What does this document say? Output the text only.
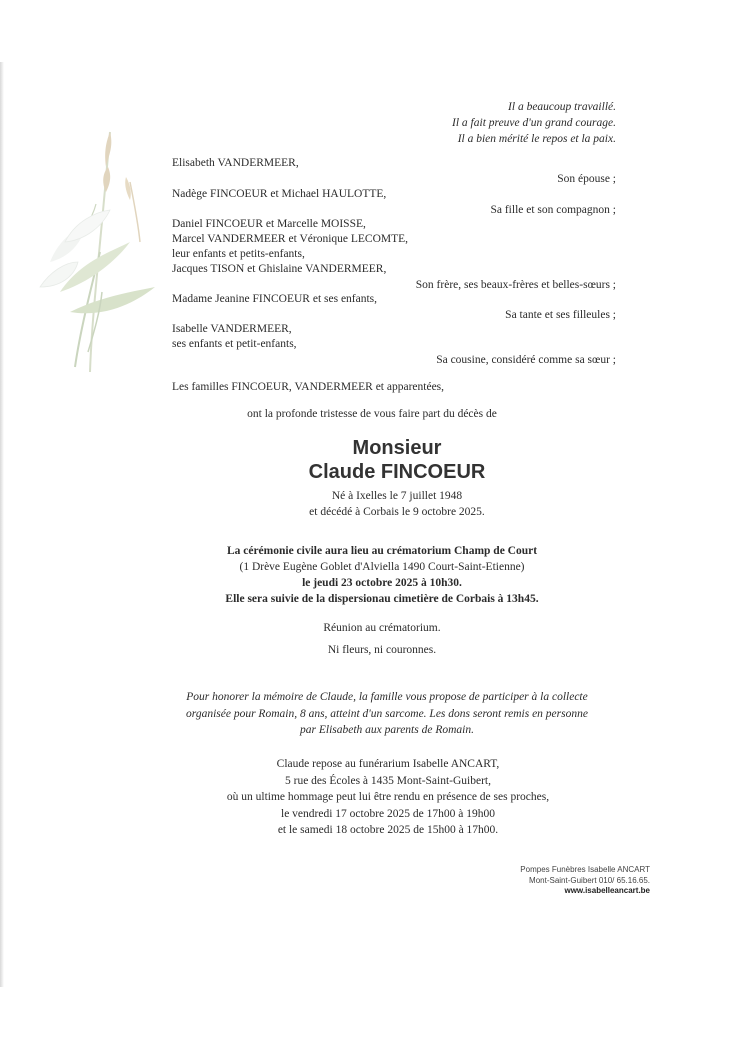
Il a beaucoup travaillé.
Il a fait preuve d'un grand courage.
Il a bien mérité le repos et la paix.
Elisabeth VANDERMEER,
Son épouse ;
Nadège FINCOEUR et Michael HAULOTTE,
Sa fille et son compagnon ;
Daniel FINCOEUR et Marcelle MOISSE,
Marcel VANDERMEER et Véronique LECOMTE,
leur enfants et petits-enfants,
Jacques TISON et Ghislaine VANDERMEER,
Son frère, ses beaux-frères et belles-sœurs ;
Madame Jeanine FINCOEUR et ses enfants,
Sa tante et ses filleules ;
Isabelle VANDERMEER,
ses enfants et petit-enfants,
Sa cousine, considéré comme sa sœur ;
Les familles FINCOEUR, VANDERMEER et apparentées,
ont la profonde tristesse de vous faire part du décès de
Monsieur
Claude FINCOEUR
Né à Ixelles le 7 juillet 1948
et décédé à Corbais le 9 octobre 2025.
La cérémonie civile aura lieu au crématorium Champ de Court
(1 Drève Eugène Goblet d'Alviella 1490 Court-Saint-Etienne)
le jeudi 23 octobre 2025 à 10h30.
Elle sera suivie de la dispersionau cimetière de Corbais à 13h45.
Réunion au crématorium.
Ni fleurs, ni couronnes.
Pour honorer la mémoire de Claude, la famille vous propose de participer à la collecte
organisée pour Romain, 8 ans, atteint d'un sarcome. Les dons seront remis en personne
par Elisabeth aux parents de Romain.
Claude repose au funérarium Isabelle ANCART,
5 rue des Écoles à 1435 Mont-Saint-Guibert,
où un ultime hommage peut lui être rendu en présence de ses proches,
le vendredi 17 octobre 2025 de 17h00 à 19h00
et le samedi 18 octobre 2025 de 15h00 à 17h00.
Pompes Funèbres Isabelle ANCART
Mont-Saint-Guibert 010/ 65.16.65.
www.isabelleancart.be
